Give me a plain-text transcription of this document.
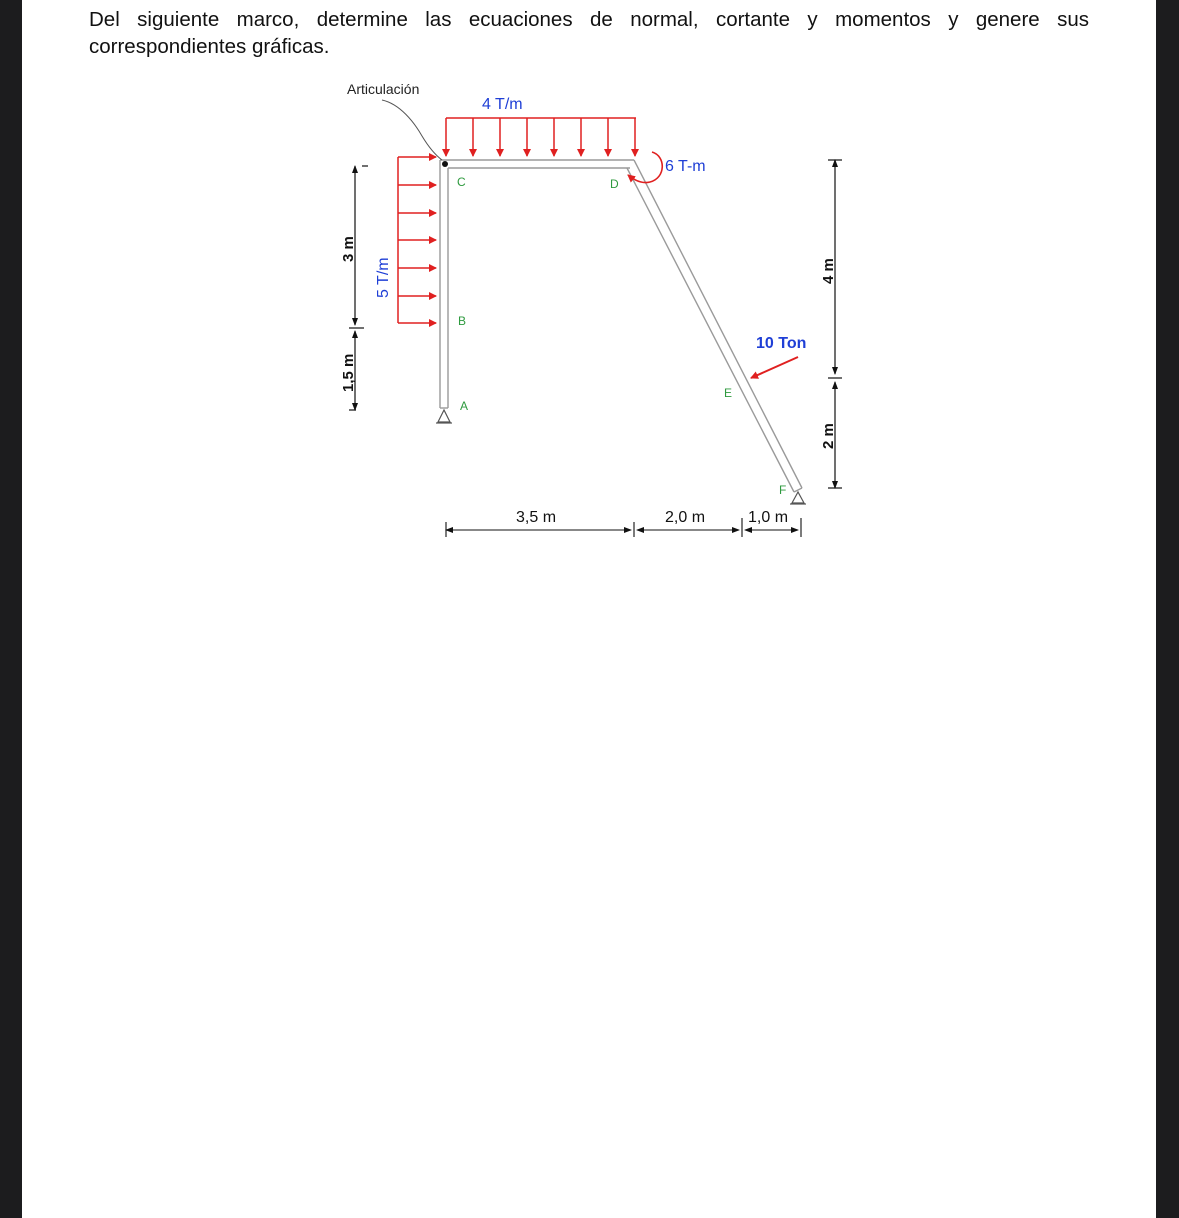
Del siguiente marco, determine las ecuaciones de normal, cortante y momentos y genere sus correspondientes gráficas.

Articulación
4 T/m
5 T/m
6 T-m
10 Ton
A
B
C	D
E
F
3 m
1,5 m
4 m
2 m
3,5 m	2,0 m	1,0 m
